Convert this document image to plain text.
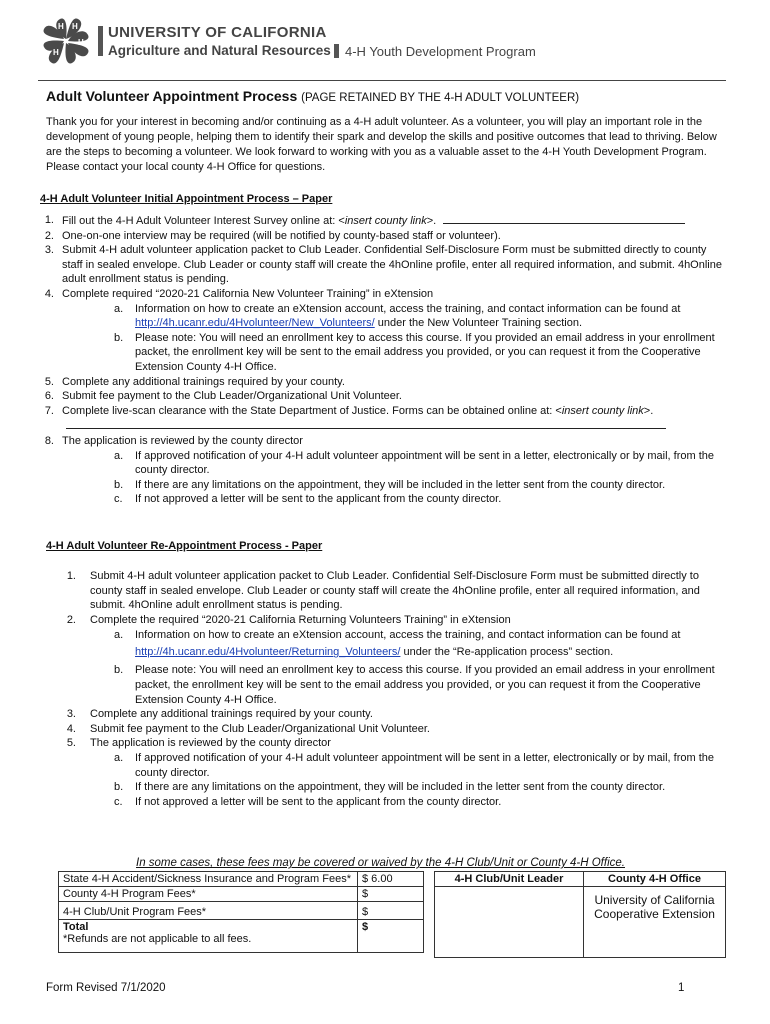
H H
H
H
UNIVERSITY OF CALIFORNIA
Agriculture and Natural Resources 4-H Youth Development Program
Adult Volunteer Appointment Process (PAGE RETAINED BY THE 4-H ADULT VOLUNTEER)
Thank you for your interest in becoming and/or continuing as a 4-H adult volunteer. As a volunteer, you will play an important role in the development of young people, helping them to identify their spark and develop the skills and positive outcomes that lead to thriving. Below are the steps to becoming a volunteer. We look forward to working with you as a valuable asset to the 4-H Youth Development Program. Please contact your local county 4-H Office for questions.
4-H Adult Volunteer Initial Appointment Process – Paper
1. Fill out the 4-H Adult Volunteer Interest Survey online at: <insert county link>.
2. One-on-one interview may be required (will be notified by county-based staff or volunteer).
3. Submit 4-H adult volunteer application packet to Club Leader. Confidential Self-Disclosure Form must be submitted directly to county staff in sealed envelope. Club Leader or county staff will create the 4hOnline profile, enter all required information, and submit. 4hOnline adult enrollment status is pending.
4. Complete required “2020-21 California New Volunteer Training” in eXtension
a. Information on how to create an eXtension account, access the training, and contact information can be found at http://4h.ucanr.edu/4Hvolunteer/New_Volunteers/ under the New Volunteer Training section.
b. Please note: You will need an enrollment key to access this course. If you provided an email address in your enrollment packet, the enrollment key will be sent to the email address you provided, or you can request it from the Cooperative Extension County 4-H Office.
5. Complete any additional trainings required by your county.
6. Submit fee payment to the Club Leader/Organizational Unit Volunteer.
7. Complete live-scan clearance with the State Department of Justice. Forms can be obtained online at: <insert county link>.
8. The application is reviewed by the county director
a. If approved notification of your 4-H adult volunteer appointment will be sent in a letter, electronically or by mail, from the county director.
b. If there are any limitations on the appointment, they will be included in the letter sent from the county director.
c. If not approved a letter will be sent to the applicant from the county director.
4-H Adult Volunteer Re-Appointment Process - Paper
1. Submit 4-H adult volunteer application packet to Club Leader. Confidential Self-Disclosure Form must be submitted directly to county staff in sealed envelope. Club Leader or county staff will create the 4hOnline profile, enter all required information, and submit. 4hOnline adult enrollment status is pending.
2. Complete the required “2020-21 California Returning Volunteers Training” in eXtension
a. Information on how to create an eXtension account, access the training, and contact information can be found at http://4h.ucanr.edu/4Hvolunteer/Returning_Volunteers/ under the “Re-application process” section.
b. Please note: You will need an enrollment key to access this course. If you provided an email address in your enrollment packet, the enrollment key will be sent to the email address you provided, or you can request it from the Cooperative Extension County 4-H Office.
3. Complete any additional trainings required by your county.
4. Submit fee payment to the Club Leader/Organizational Unit Volunteer.
5. The application is reviewed by the county director
a. If approved notification of your 4-H adult volunteer appointment will be sent in a letter, electronically or by mail, from the county director.
b. If there are any limitations on the appointment, they will be included in the letter sent from the county director.
c. If not approved a letter will be sent to the applicant from the county director.
In some cases, these fees may be covered or waived by the 4-H Club/Unit or County 4-H Office.
State 4-H Accident/Sickness Insurance and Program Fees*	$ 6.00
County 4-H Program Fees*	$
4-H Club/Unit Program Fees*	$
Total
*Refunds are not applicable to all fees.	$
4-H Club/Unit Leader	County 4-H Office
	University of California Cooperative Extension
Form Revised 7/1/2020	1
